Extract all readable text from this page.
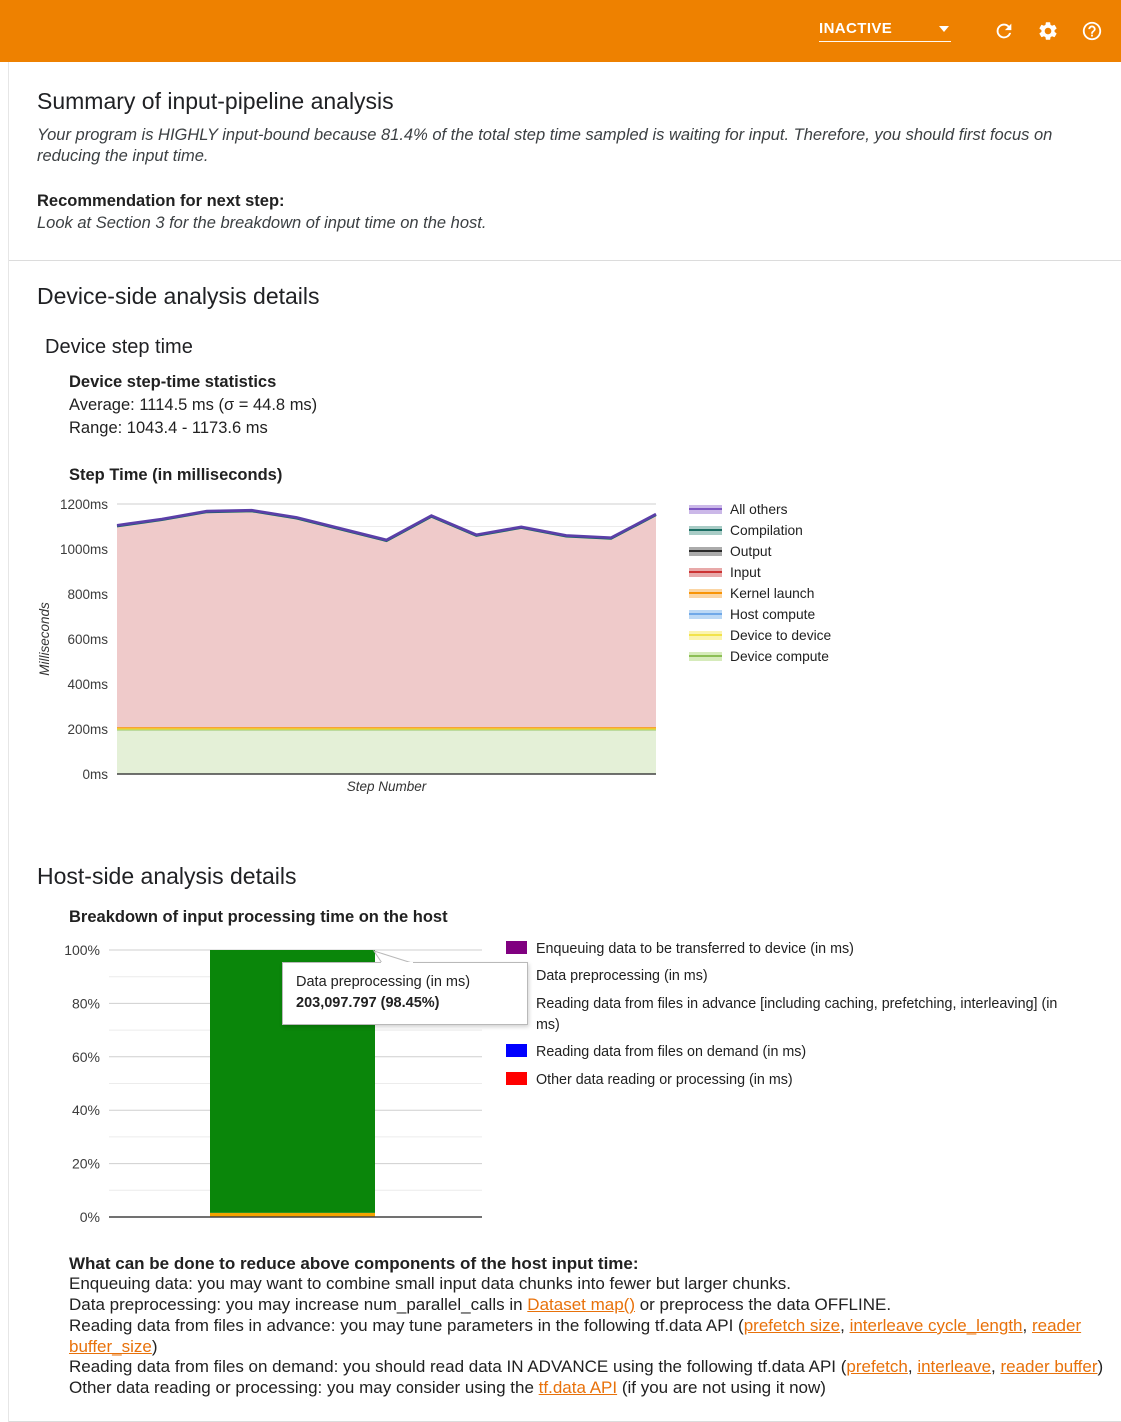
INACTIVE
Summary of input-pipeline analysis

Your program is HIGHLY input-bound because 81.4% of the total step time sampled is waiting for input. Therefore, you should first focus on reducing the input time.

Recommendation for next step:

Look at Section 3 for the breakdown of input time on the host.

Device-side analysis details
Device step time
Device step-time statistics
Average: 1114.5 ms (σ = 44.8 ms)
Range: 1043.4 - 1173.6 ms
Step Time (in milliseconds)
0ms
200ms
400ms
600ms
800ms
1000ms
1200ms
Step Number
Milliseconds
All others
Compilation
Output
Input
Kernel launch
Host compute
Device to device
Device compute
Host-side analysis details
Breakdown of input processing time on the host
0%
20%
40%
60%
80%
100%
Data preprocessing (in ms)
203,097.797 (98.45%)
Enqueuing data to be transferred to device (in ms)
Data preprocessing (in ms)
Reading data from files in advance [including caching, prefetching, interleaving] (in ms)
Reading data from files on demand (in ms)
Other data reading or processing (in ms)
What can be done to reduce above components of the host input time:
Enqueuing data: you may want to combine small input data chunks into fewer but larger chunks.
Data preprocessing: you may increase num_parallel_calls in Dataset map() or preprocess the data OFFLINE.
Reading data from files in advance: you may tune parameters in the following tf.data API (prefetch size, interleave cycle_length, reader buffer_size)
Reading data from files on demand: you should read data IN ADVANCE using the following tf.data API (prefetch, interleave, reader buffer)
Other data reading or processing: you may consider using the tf.data API (if you are not using it now)
